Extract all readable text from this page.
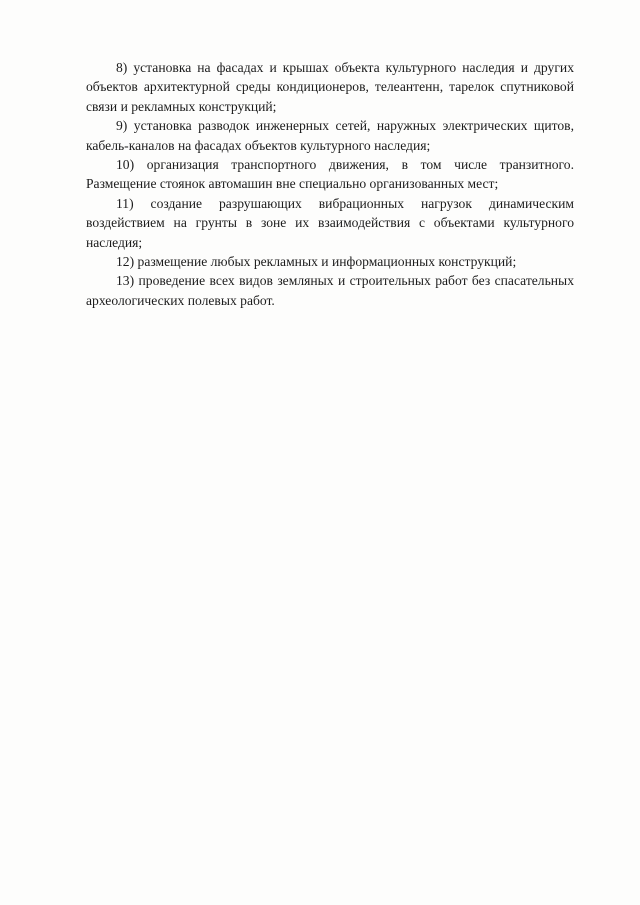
8) установка на фасадах и крышах объекта культурного наследия и других объектов архитектурной среды кондиционеров, телеантенн, тарелок спутниковой связи и рекламных конструкций;

9) установка разводок инженерных сетей, наружных электрических щитов, кабель-каналов на фасадах объектов культурного наследия;

10) организация транспортного движения, в том числе транзитного. Размещение стоянок автомашин вне специально организованных мест;

11) создание разрушающих вибрационных нагрузок динамическим воздействием на грунты в зоне их взаимодействия с объектами культурного наследия;

12) размещение любых рекламных и информационных конструкций;

13) проведение всех видов земляных и строительных работ без спасательных археологических полевых работ.
